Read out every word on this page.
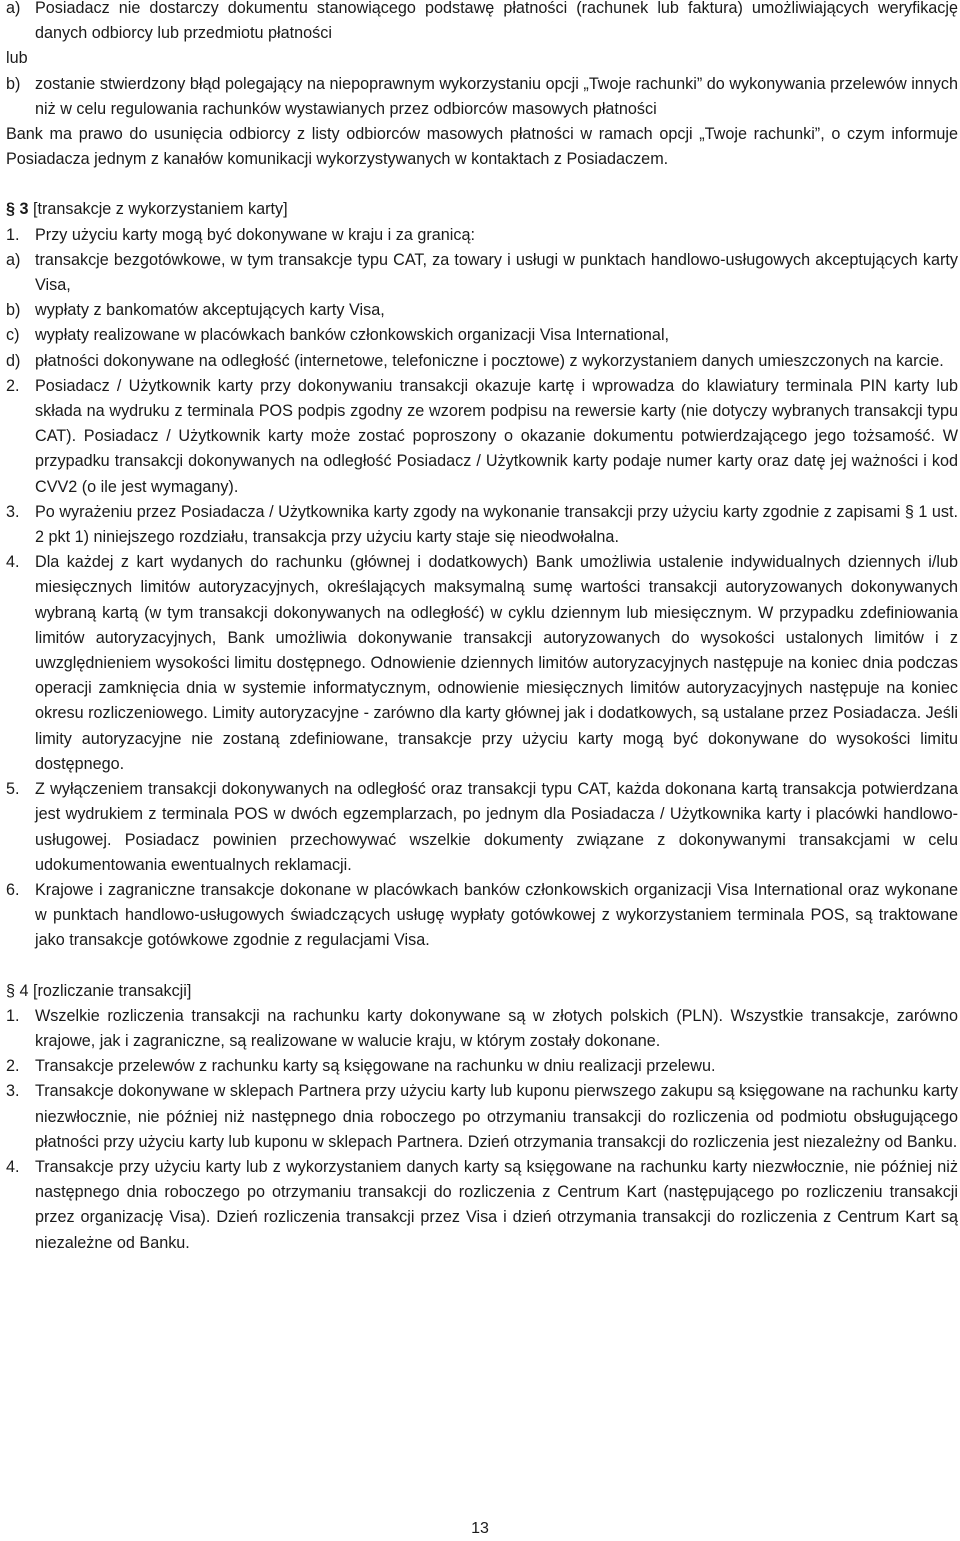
a) Posiadacz nie dostarczy dokumentu stanowiącego podstawę płatności (rachunek lub faktura) umożliwiających weryfikację danych odbiorcy lub przedmiotu płatności
lub
b) zostanie stwierdzony błąd polegający na niepoprawnym wykorzystaniu opcji „Twoje rachunki” do wykonywania przelewów innych niż w celu regulowania rachunków wystawianych przez odbiorców masowych płatności
Bank ma prawo do usunięcia odbiorcy z listy odbiorców masowych płatności w ramach opcji „Twoje rachunki”, o czym informuje Posiadacza jednym z kanałów komunikacji wykorzystywanych w kontaktach z Posiadaczem.
§ 3 [transakcje z wykorzystaniem karty]
1. Przy użyciu karty mogą być dokonywane w kraju i za granicą:
a) transakcje bezgotówkowe, w tym transakcje typu CAT, za towary i usługi w punktach handlowo-usługowych akceptujących karty Visa,
b) wypłaty z bankomatów akceptujących karty Visa,
c) wypłaty realizowane w placówkach banków członkowskich organizacji Visa International,
d) płatności dokonywane na odległość (internetowe, telefoniczne i pocztowe) z wykorzystaniem danych umieszczonych na karcie.
2. Posiadacz / Użytkownik karty przy dokonywaniu transakcji okazuje kartę i wprowadza do klawiatury terminala PIN karty lub składa na wydruku z terminala POS podpis zgodny ze wzorem podpisu na rewersie karty (nie dotyczy wybranych transakcji typu CAT). Posiadacz / Użytkownik karty może zostać poproszony o okazanie dokumentu potwierdzającego jego tożsamość. W przypadku transakcji dokonywanych na odległość Posiadacz / Użytkownik karty podaje numer karty oraz datę jej ważności i kod CVV2 (o ile jest wymagany).
3. Po wyrażeniu przez Posiadacza / Użytkownika karty zgody na wykonanie transakcji przy użyciu karty zgodnie z zapisami § 1 ust. 2 pkt 1) niniejszego rozdziału, transakcja przy użyciu karty staje się nieodwołalna.
4. Dla każdej z kart wydanych do rachunku (głównej i dodatkowych) Bank umożliwia ustalenie indywidualnych dziennych i/lub miesięcznych limitów autoryzacyjnych, określających maksymalną sumę wartości transakcji autoryzowanych dokonywanych wybraną kartą (w tym transakcji dokonywanych na odległość) w cyklu dziennym lub miesięcznym. W przypadku zdefiniowania limitów autoryzacyjnych, Bank umożliwia dokonywanie transakcji autoryzowanych do wysokości ustalonych limitów i z uwzględnieniem wysokości limitu dostępnego. Odnowienie dziennych limitów autoryzacyjnych następuje na koniec dnia podczas operacji zamknięcia dnia w systemie informatycznym, odnowienie miesięcznych limitów autoryzacyjnych następuje na koniec okresu rozliczeniowego. Limity autoryzacyjne - zarówno dla karty głównej jak i dodatkowych, są ustalane przez Posiadacza. Jeśli limity autoryzacyjne nie zostaną zdefiniowane, transakcje przy użyciu karty mogą być dokonywane do wysokości limitu dostępnego.
5. Z wyłączeniem transakcji dokonywanych na odległość oraz transakcji typu CAT, każda dokonana kartą transakcja potwierdzana jest wydrukiem z terminala POS w dwóch egzemplarzach, po jednym dla Posiadacza / Użytkownika karty i placówki handlowo-usługowej. Posiadacz powinien przechowywać wszelkie dokumenty związane z dokonywanymi transakcjami w celu udokumentowania ewentualnych reklamacji.
6. Krajowe i zagraniczne transakcje dokonane w placówkach banków członkowskich organizacji Visa International oraz wykonane w punktach handlowo-usługowych świadczących usługę wypłaty gotówkowej z wykorzystaniem terminala POS, są traktowane jako transakcje gotówkowe zgodnie z regulacjami Visa.
§ 4 [rozliczanie transakcji]
1. Wszelkie rozliczenia transakcji na rachunku karty dokonywane są w złotych polskich (PLN). Wszystkie transakcje, zarówno krajowe, jak i zagraniczne, są realizowane w walucie kraju, w którym zostały dokonane.
2. Transakcje przelewów z rachunku karty są księgowane na rachunku w dniu realizacji przelewu.
3. Transakcje dokonywane w sklepach Partnera przy użyciu karty lub kuponu pierwszego zakupu są księgowane na rachunku karty niezwłocznie, nie później niż następnego dnia roboczego po otrzymaniu transakcji do rozliczenia od podmiotu obsługującego płatności przy użyciu karty lub kuponu w sklepach Partnera. Dzień otrzymania transakcji do rozliczenia jest niezależny od Banku.
4. Transakcje przy użyciu karty lub z wykorzystaniem danych karty są księgowane na rachunku karty niezwłocznie, nie później niż następnego dnia roboczego po otrzymaniu transakcji do rozliczenia z Centrum Kart (następującego po rozliczeniu transakcji przez organizację Visa). Dzień rozliczenia transakcji przez Visa i dzień otrzymania transakcji do rozliczenia z Centrum Kart są niezależne od Banku.
13
